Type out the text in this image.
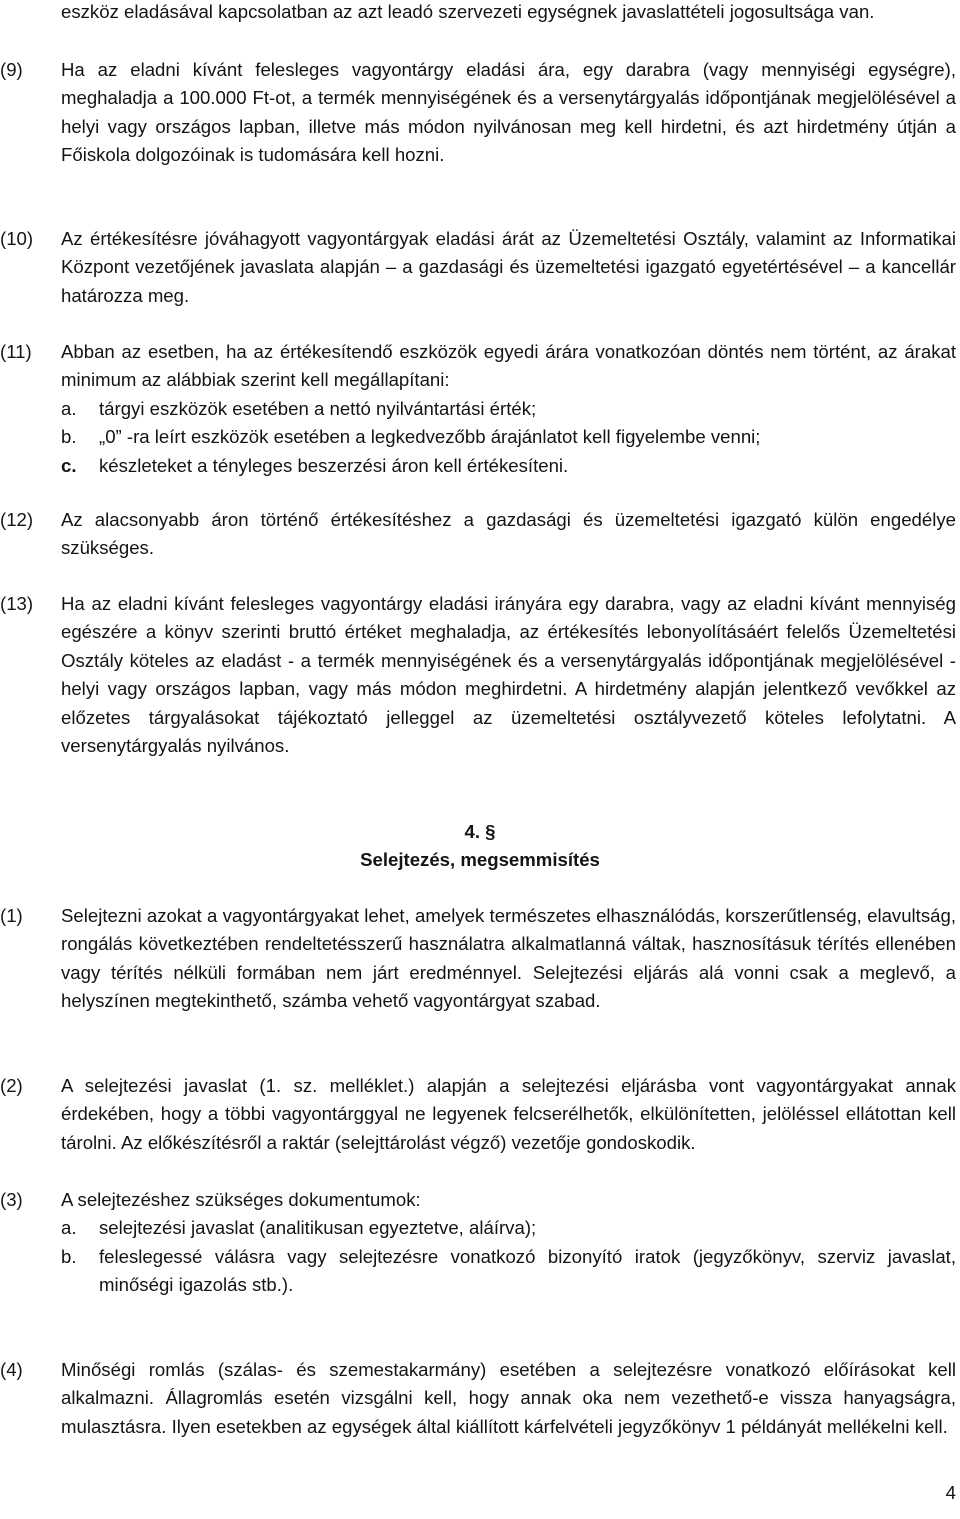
eszköz eladásával kapcsolatban az azt leadó szervezeti egységnek javaslattételi jogosultsága van.
(9)	Ha az eladni kívánt felesleges vagyontárgy eladási ára, egy darabra (vagy mennyiségi egységre), meghaladja a 100.000 Ft-ot, a termék mennyiségének és a versenytárgyalás időpontjának megjelölésével a helyi vagy országos lapban, illetve más módon nyilvánosan meg kell hirdetni, és azt hirdetmény útján a Főiskola dolgozóinak is tudomására kell hozni.
(10)	Az értékesítésre jóváhagyott vagyontárgyak eladási árát az Üzemeltetési Osztály, valamint az Informatikai Központ vezetőjének javaslata alapján – a gazdasági és üzemeltetési igazgató egyetértésével – a kancellár határozza meg.
(11)	Abban az esetben, ha az értékesítendő eszközök egyedi árára vonatkozóan döntés nem történt, az árakat minimum az alábbiak szerint kell megállapítani:
a. tárgyi eszközök esetében a nettó nyilvántartási érték;
b. „0” -ra leírt eszközök esetében a legkedvezőbb árajánlatot kell figyelembe venni;
c. készleteket a tényleges beszerzési áron kell értékesíteni.
(12)	Az alacsonyabb áron történő értékesítéshez a gazdasági és üzemeltetési igazgató külön engedélye szükséges.
(13)	Ha az eladni kívánt felesleges vagyontárgy eladási irányára egy darabra, vagy az eladni kívánt mennyiség egészére a könyv szerinti bruttó értéket meghaladja, az értékesítés lebonyolításáért felelős Üzemeltetési Osztály köteles az eladást - a termék mennyiségének és a versenytárgyalás időpontjának megjelölésével - helyi vagy országos lapban, vagy más módon meghirdetni. A hirdetmény alapján jelentkező vevőkkel az előzetes tárgyalásokat tájékoztató jelleggel az üzemeltetési osztályvezető köteles lefolytatni. A versenytárgyalás nyilvános.
4. §
Selejtezés, megsemmisítés
(1)	Selejtezni azokat a vagyontárgyakat lehet, amelyek természetes elhasználódás, korszerűtlenség, elavultság, rongálás következtében rendeltetésszerű használatra alkalmatlanná váltak, hasznosításuk térítés ellenében vagy térítés nélküli formában nem járt eredménnyel. Selejtezési eljárás alá vonni csak a meglevő, a helyszínen megtekinthető, számba vehető vagyontárgyat szabad.
(2)	A selejtezési javaslat (1. sz. melléklet.) alapján a selejtezési eljárásba vont vagyontárgyakat annak érdekében, hogy a többi vagyontárggyal ne legyenek felcserélhetők, elkülönítetten, jelöléssel ellátottan kell tárolni. Az előkészítésről a raktár (selejttárolást végző) vezetője gondoskodik.
(3)	A selejtezéshez szükséges dokumentumok:
a. selejtezési javaslat (analitikusan egyeztetve, aláírva);
b. feleslegessé válásra vagy selejtezésre vonatkozó bizonyító iratok (jegyzőkönyv, szerviz javaslat, minőségi igazolás stb.).
(4)	Minőségi romlás (szálas- és szemestakarmány) esetében a selejtezésre vonatkozó előírásokat kell alkalmazni. Állagromlás esetén vizsgálni kell, hogy annak oka nem vezethető-e vissza hanyagságra, mulasztásra. Ilyen esetekben az egységek által kiállított kárfelvételi jegyzőkönyv 1 példányát mellékelni kell.
4
